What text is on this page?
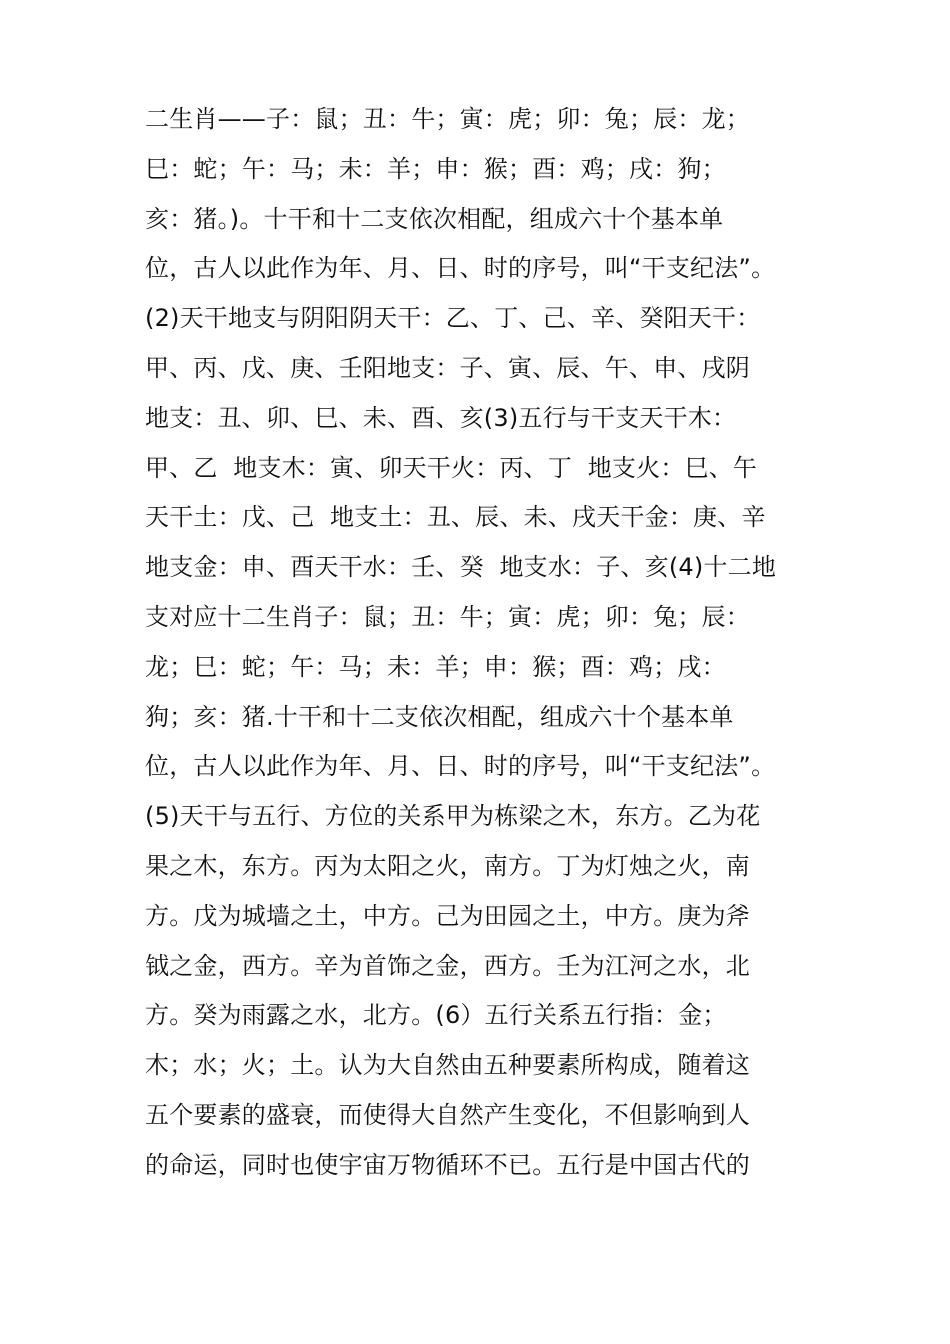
二生肖——子：鼠；丑：牛；寅：虎；卯：兔；辰：龙；
巳：蛇；午：马；未：羊；申：猴；酉：鸡；戌：狗；
亥：猪。)。十干和十二支依次相配，组成六十个基本单
位，古人以此作为年、月、日、时的序号，叫“干支纪法”。
(2)天干地支与阴阳阴天干：乙、丁、己、辛、癸阳天干：
甲、丙、戊、庚、壬阳地支：子、寅、辰、午、申、戌阴
地支：丑、卯、巳、未、酉、亥(3)五行与干支天干木：
甲、乙  地支木：寅、卯天干火：丙、丁  地支火：巳、午
天干土：戊、己  地支土：丑、辰、未、戌天干金：庚、辛
地支金：申、酉天干水：壬、癸  地支水：子、亥(4)十二地
支对应十二生肖子：鼠；丑：牛；寅：虎；卯：兔；辰：
龙；巳：蛇；午：马；未：羊；申：猴；酉：鸡；戌：
狗；亥：猪.十干和十二支依次相配，组成六十个基本单
位，古人以此作为年、月、日、时的序号，叫“干支纪法”。
(5)天干与五行、方位的关系甲为栋梁之木，东方。乙为花
果之木，东方。丙为太阳之火，南方。丁为灯烛之火，南
方。戊为城墙之土，中方。己为田园之土，中方。庚为斧
钺之金，西方。辛为首饰之金，西方。壬为江河之水，北
方。癸为雨露之水，北方。(6）五行关系五行指：金；
木；水；火；土。认为大自然由五种要素所构成，随着这
五个要素的盛衰，而使得大自然产生变化，不但影响到人
的命运，同时也使宇宙万物循环不已。五行是中国古代的
